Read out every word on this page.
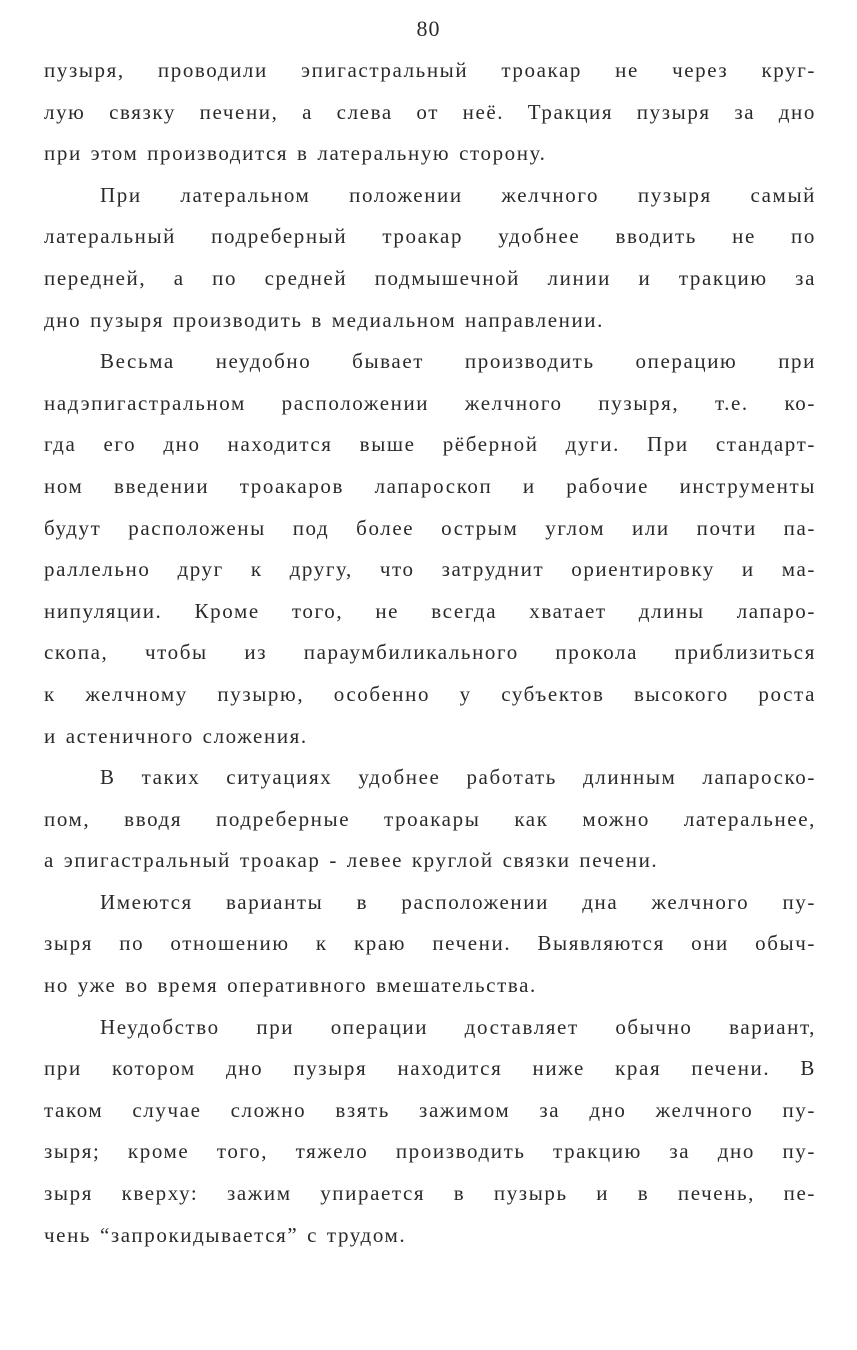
80
пузыря, проводили эпигастральный троакар не через круг-
лую связку печени, а слева от неё. Тракция пузыря за дно
при этом производится в латеральную сторону.
При латеральном положении желчного пузыря самый
латеральный подреберный троакар удобнее вводить не по
передней, а по средней подмышечной линии и тракцию за
дно пузыря производить в медиальном направлении.
Весьма неудобно бывает производить операцию при
надэпигастральном расположении желчного пузыря, т.е. ко-
гда его дно находится выше рёберной дуги. При стандарт-
ном введении троакаров лапароскоп и рабочие инструменты
будут расположены под более острым углом или почти па-
раллельно друг к другу, что затруднит ориентировку и ма-
нипуляции. Кроме того, не всегда хватает длины лапаро-
скопа, чтобы из параумбиликального прокола приблизиться
к желчному пузырю, особенно у субъектов высокого роста
и астеничного сложения.
В таких ситуациях удобнее работать длинным лапароско-
пом, вводя подреберные троакары как можно латеральнее,
а эпигастральный троакар - левее круглой связки печени.
Имеются варианты в расположении дна желчного пу-
зыря по отношению к краю печени. Выявляются они обыч-
но уже во время оперативного вмешательства.
Неудобство при операции доставляет обычно вариант,
при котором дно пузыря находится ниже края печени. В
таком случае сложно взять зажимом за дно желчного пу-
зыря; кроме того, тяжело производить тракцию за дно пу-
зыря кверху: зажим упирается в пузырь и в печень, пе-
чень “запрокидывается” с трудом.
